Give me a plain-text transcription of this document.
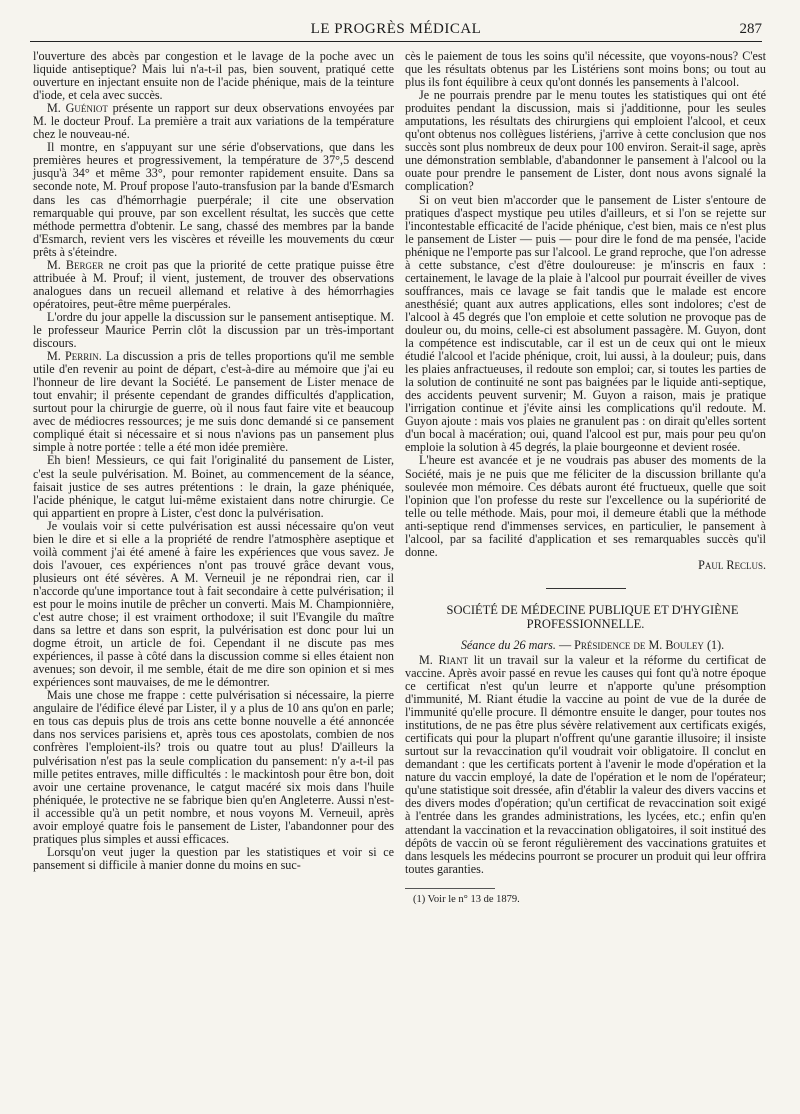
LE PROGRÈS MÉDICAL	287

l'ouverture des abcès par congestion et le lavage de la poche avec un liquide antiseptique? Mais lui n'a-t-il pas, bien souvent, pratiqué cette ouverture en injectant ensuite non de l'acide phénique, mais de la teinture d'iode, et cela avec succès.

M. Guéniot présente un rapport sur deux observations envoyées par M. le docteur Prouf. La première a trait aux variations de la température chez le nouveau-né.

Il montre, en s'appuyant sur une série d'observations, que dans les premières heures et progressivement, la température de 37°,5 descend jusqu'à 34° et même 33°, pour remonter rapidement ensuite. Dans sa seconde note, M. Prouf propose l'auto-transfusion par la bande d'Esmarch dans les cas d'hémorrhagie puerpérale; il cite une observation remarquable qui prouve, par son excellent résultat, les succès que cette méthode permettra d'obtenir. Le sang, chassé des membres par la bande d'Esmarch, revient vers les viscères et réveille les mouvements du cœur prêts à s'éteindre.

M. Berger ne croit pas que la priorité de cette pratique puisse être attribuée à M. Prouf; il vient, justement, de trouver des observations analogues dans un recueil allemand et relative à des hémorrhagies opératoires, peut-être même puerpérales.

L'ordre du jour appelle la discussion sur le pansement antiseptique. M. le professeur Maurice Perrin clôt la discussion par un très-important discours.

M. Perrin. La discussion a pris de telles proportions qu'il me semble utile d'en revenir au point de départ, c'est-à-dire au mémoire que j'ai eu l'honneur de lire devant la Société. Le pansement de Lister menace de tout envahir; il présente cependant de grandes difficultés d'application, surtout pour la chirurgie de guerre, où il nous faut faire vite et beaucoup avec de médiocres ressources; je me suis donc demandé si ce pansement compliqué était si nécessaire et si nous n'avions pas un pansement plus simple à notre portée : telle a été mon idée première.

Eh bien! Messieurs, ce qui fait l'originalité du pansement de Lister, c'est la seule pulvérisation. M. Boinet, au commencement de la séance, faisait justice de ses autres prétentions : le drain, la gaze phéniquée, l'acide phénique, le catgut lui-même existaient dans notre chirurgie. Ce qui appartient en propre à Lister, c'est donc la pulvérisation.

Je voulais voir si cette pulvérisation est aussi nécessaire qu'on veut bien le dire et si elle a la propriété de rendre l'atmosphère aseptique et voilà comment j'ai été amené à faire les expériences que vous savez. Je dois l'avouer, ces expériences n'ont pas trouvé grâce devant vous, plusieurs ont été sévères. A M. Verneuil je ne répondrai rien, car il n'accorde qu'une importance tout à fait secondaire à cette pulvérisation; il est pour le moins inutile de prêcher un converti. Mais M. Championnière, c'est autre chose; il est vraiment orthodoxe; il suit l'Evangile du maître dans sa lettre et dans son esprit, la pulvérisation est donc pour lui un dogme étroit, un article de foi. Cependant il ne discute pas mes expériences, il passe à côté dans la discussion comme si elles étaient non avenues; son devoir, il me semble, était de me dire son opinion et si mes expériences sont mauvaises, de me le démontrer.

Mais une chose me frappe : cette pulvérisation si nécessaire, la pierre angulaire de l'édifice élevé par Lister, il y a plus de 10 ans qu'on en parle; en tous cas depuis plus de trois ans cette bonne nouvelle a été annoncée dans nos services parisiens et, après tous ces apostolats, combien de nos confrères l'emploient-ils? trois ou quatre tout au plus! D'ailleurs la pulvérisation n'est pas la seule complication du pansement: n'y a-t-il pas mille petites entraves, mille difficultés : le mackintosh pour être bon, doit avoir une certaine provenance, le catgut macéré six mois dans l'huile phéniquée, le protective ne se fabrique bien qu'en Angleterre. Aussi n'est-il accessible qu'à un petit nombre, et nous voyons M. Verneuil, après avoir employé quatre fois le pansement de Lister, l'abandonner pour des pratiques plus simples et aussi efficaces.

Lorsqu'on veut juger la question par les statistiques et voir si ce pansement si difficile à manier donne du moins en suc-

cès le paiement de tous les soins qu'il nécessite, que voyons-nous? C'est que les résultats obtenus par les Listériens sont moins bons; ou tout au plus ils font équilibre à ceux qu'ont donnés les pansements à l'alcool.

Je ne pourrais prendre par le menu toutes les statistiques qui ont été produites pendant la discussion, mais si j'additionne, pour les seules amputations, les résultats des chirurgiens qui emploient l'alcool, et ceux qu'ont obtenus nos collègues listériens, j'arrive à cette conclusion que nos succès sont plus nombreux de deux pour 100 environ. Serait-il sage, après une démonstration semblable, d'abandonner le pansement à l'alcool ou la ouate pour prendre le pansement de Lister, dont nous avons signalé la complication?

Si on veut bien m'accorder que le pansement de Lister s'entoure de pratiques d'aspect mystique peu utiles d'ailleurs, et si l'on se rejette sur l'incontestable efficacité de l'acide phénique, c'est bien, mais ce n'est plus le pansement de Lister — puis — pour dire le fond de ma pensée, l'acide phénique ne l'emporte pas sur l'alcool. Le grand reproche, que l'on adresse à cette substance, c'est d'être douloureuse: je m'inscris en faux : certainement, le lavage de la plaie à l'alcool pur pourrait éveiller de vives souffrances, mais ce lavage se fait tandis que le malade est encore anesthésié; quant aux autres applications, elles sont indolores; c'est de l'alcool à 45 degrés que l'on emploie et cette solution ne provoque pas de douleur ou, du moins, celle-ci est absolument passagère. M. Guyon, dont la compétence est indiscutable, car il est un de ceux qui ont le mieux étudié l'alcool et l'acide phénique, croit, lui aussi, à la douleur; puis, dans les plaies anfractueuses, il redoute son emploi; car, si toutes les parties de la solution de continuité ne sont pas baignées par le liquide anti-septique, des accidents peuvent survenir; M. Guyon a raison, mais je pratique l'irrigation continue et j'évite ainsi les complications qu'il redoute. M. Guyon ajoute : mais vos plaies ne granulent pas : on dirait qu'elles sortent d'un bocal à macération; oui, quand l'alcool est pur, mais pour peu qu'on emploie la solution à 45 degrés, la plaie bourgeonne et devient rosée.

L'heure est avancée et je ne voudrais pas abuser des moments de la Société, mais je ne puis que me féliciter de la discussion brillante qu'a soulevée mon mémoire. Ces débats auront été fructueux, quelle que soit l'opinion que l'on professe du reste sur l'excellence ou la supériorité de telle ou telle méthode. Mais, pour moi, il demeure établi que la méthode anti-septique rend d'immenses services, en particulier, le pansement à l'alcool, par sa facilité d'application et ses remarquables succès qu'il donne.

Paul Reclus.

SOCIÉTÉ DE MÉDECINE PUBLIQUE ET D'HYGIÈNE PROFESSIONNELLE.

Séance du 26 mars. — Présidence de M. Bouley (1).

M. Riant lit un travail sur la valeur et la réforme du certificat de vaccine. Après avoir passé en revue les causes qui font qu'à notre époque ce certificat n'est qu'un leurre et n'apporte qu'une présomption d'immunité, M. Riant étudie la vaccine au point de vue de la durée de l'immunité qu'elle procure. Il démontre ensuite le danger, pour toutes nos institutions, de ne pas être plus sévère relativement aux certificats exigés, certificats qui pour la plupart n'offrent qu'une garantie illusoire; il insiste surtout sur la revaccination qu'il voudrait voir obligatoire. Il conclut en demandant : que les certificats portent à l'avenir le mode d'opération et la nature du vaccin employé, la date de l'opération et le nom de l'opérateur; qu'une statistique soit dressée, afin d'établir la valeur des divers vaccins et des divers modes d'opération; qu'un certificat de revaccination soit exigé à l'entrée dans les grandes administrations, les lycées, etc.; enfin qu'en attendant la vaccination et la revaccination obligatoires, il soit institué des dépôts de vaccin où se feront régulièrement des vaccinations gratuites et dans lesquels les médecins pourront se procurer un produit qui leur offrira toutes garanties.

(1) Voir le n° 13 de 1879.
